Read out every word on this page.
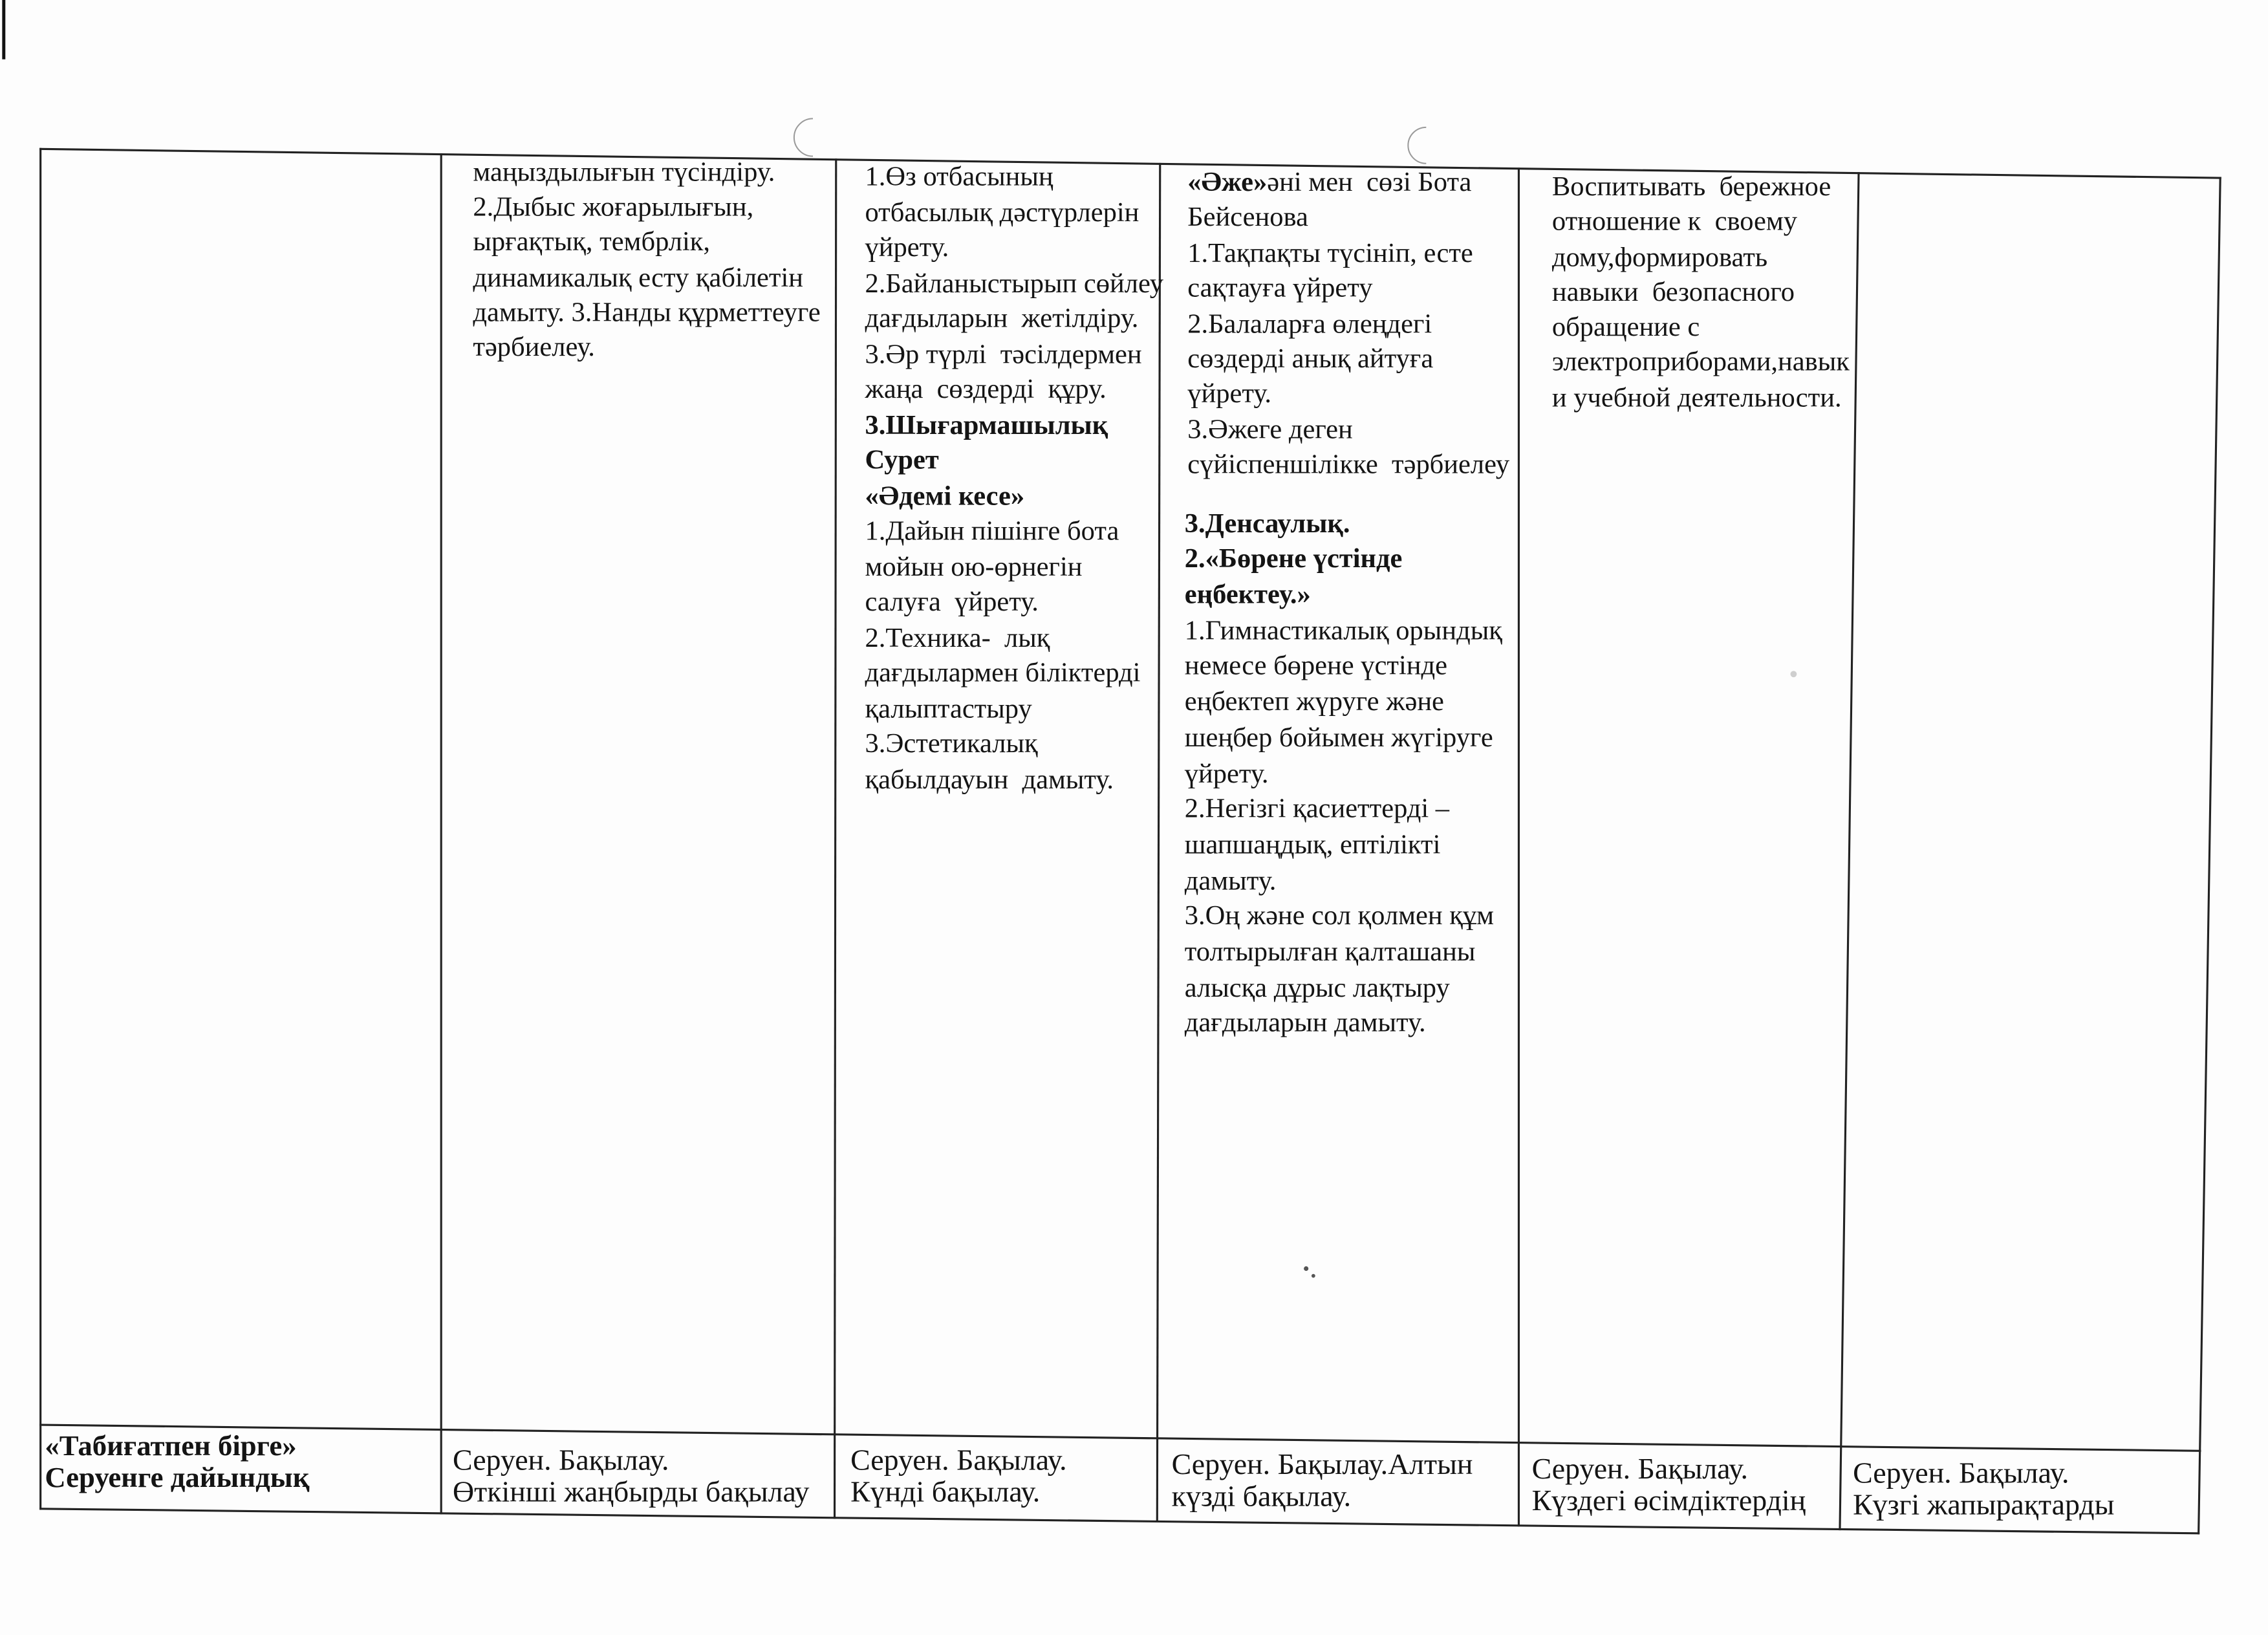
маңыздылығын түсіндіру.
2.Дыбыс жоғарылығын,
ырғақтық, тембрлік,
динамикалық есту қабілетін
дамыту. 3.Нанды құрметтеуге
тәрбиелеу.
1.Өз отбасының
отбасылық дәстүрлерін
үйрету.
2.Байланыстырып сөйлеу
дағдыларын  жетілдіру.
3.Әр түрлі  тәсілдермен
жаңа  сөздерді  құру.
3.Шығармашылық
Сурет
«Әдемі кесе»
1.Дайын пішінге бота
мойын ою-өрнегін
салуға  үйрету.
2.Техника-  лық
дағдылармен біліктерді
қалыптастыру
3.Эстетикалық
қабылдауын  дамыту.
«Әже»әні мен  сөзі Бота
Бейсенова
1.Тақпақты түсініп, есте
сақтауға үйрету
2.Балаларға өлеңдегі
сөздерді анық айтуға
үйрету.
3.Әжеге деген
сүйіспеншілікке  тәрбиелеу
3.Денсаулық.
2.«Бөрене үстінде
еңбектеу.»
1.Гимнастикалық орындық
немесе бөрене үстінде
еңбектеп жүруге және
шеңбер бойымен жүгіруге
үйрету.
2.Негізгі қасиеттерді –
шапшаңдық, ептілікті
дамыту.
3.Оң және сол қолмен құм
толтырылған қалташаны
алысқа дұрыс лақтыру
дағдыларын дамыту.
Воспитывать  бережное
отношение к  своему
дому,формировать
навыки  безопасного
обращение с
электроприборами,навык
и учебной деятельности.
«Табиғатпен бірге»
Серуенге дайындық
Серуен. Бақылау.
Өткінші жаңбырды бақылау
Серуен. Бақылау.
Күнді бақылау.
Серуен. Бақылау.Алтын
күзді бақылау.
Серуен. Бақылау.
Күздегі өсімдіктердің
Серуен. Бақылау.
Күзгі жапырақтарды
